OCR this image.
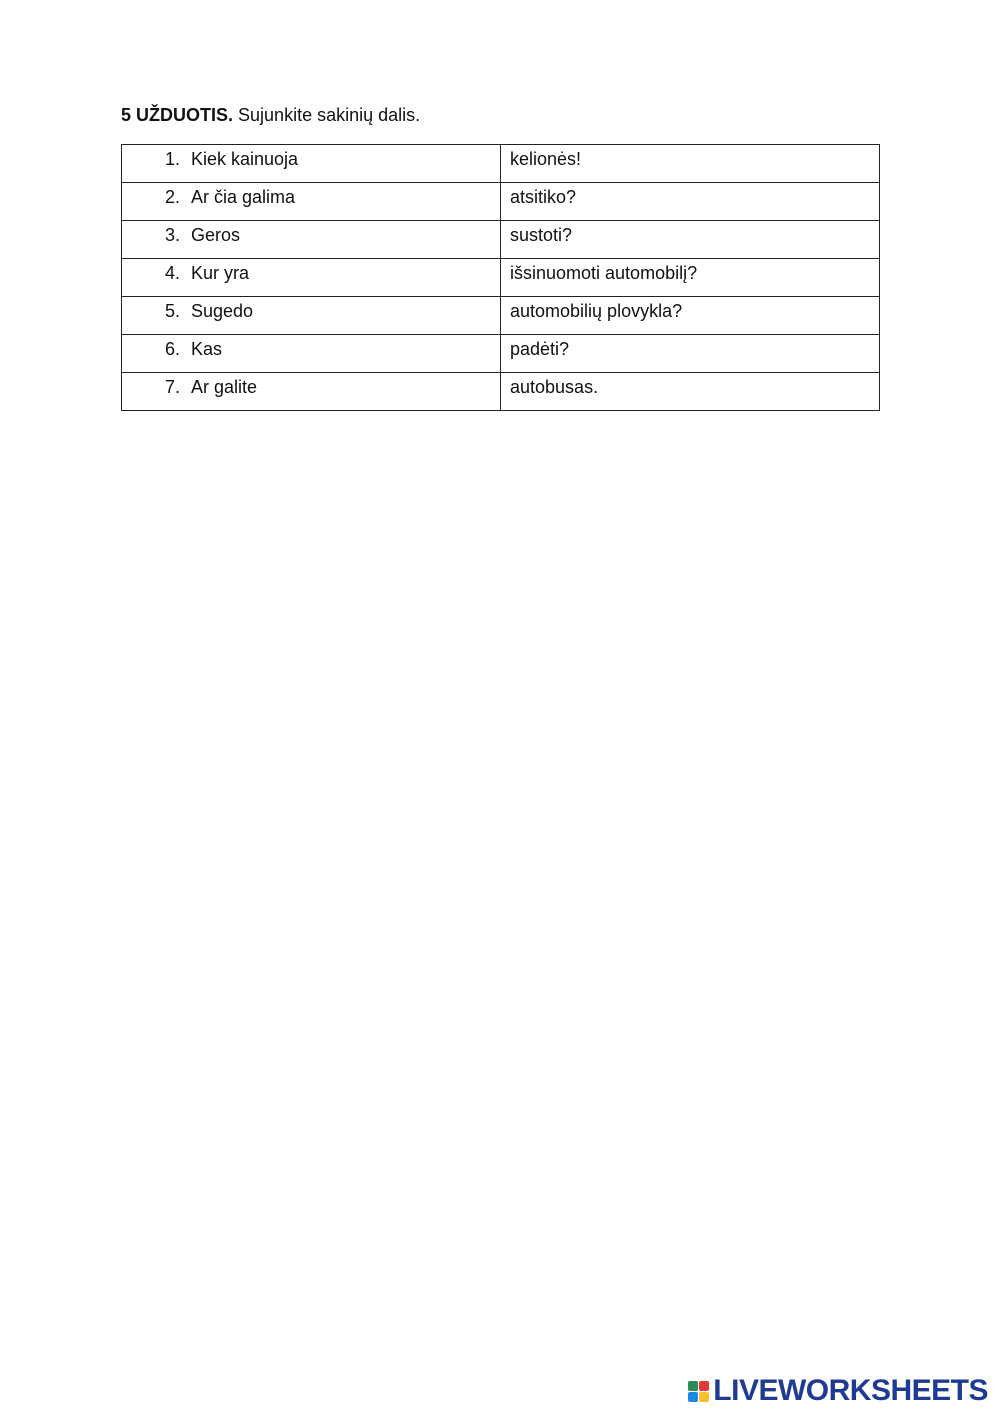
5 UŽDUOTIS. Sujunkite sakinių dalis.
1. Kiek kainuoja	kelionės!

2. Ar čia galima	atsitiko?

3. Geros	sustoti?

4. Kur yra	išsinuomoti automobilį?

5. Sugedo	automobilių plovykla?

6. Kas	padėti?

7. Ar galite	autobusas.
LIVEWORKSHEETS
